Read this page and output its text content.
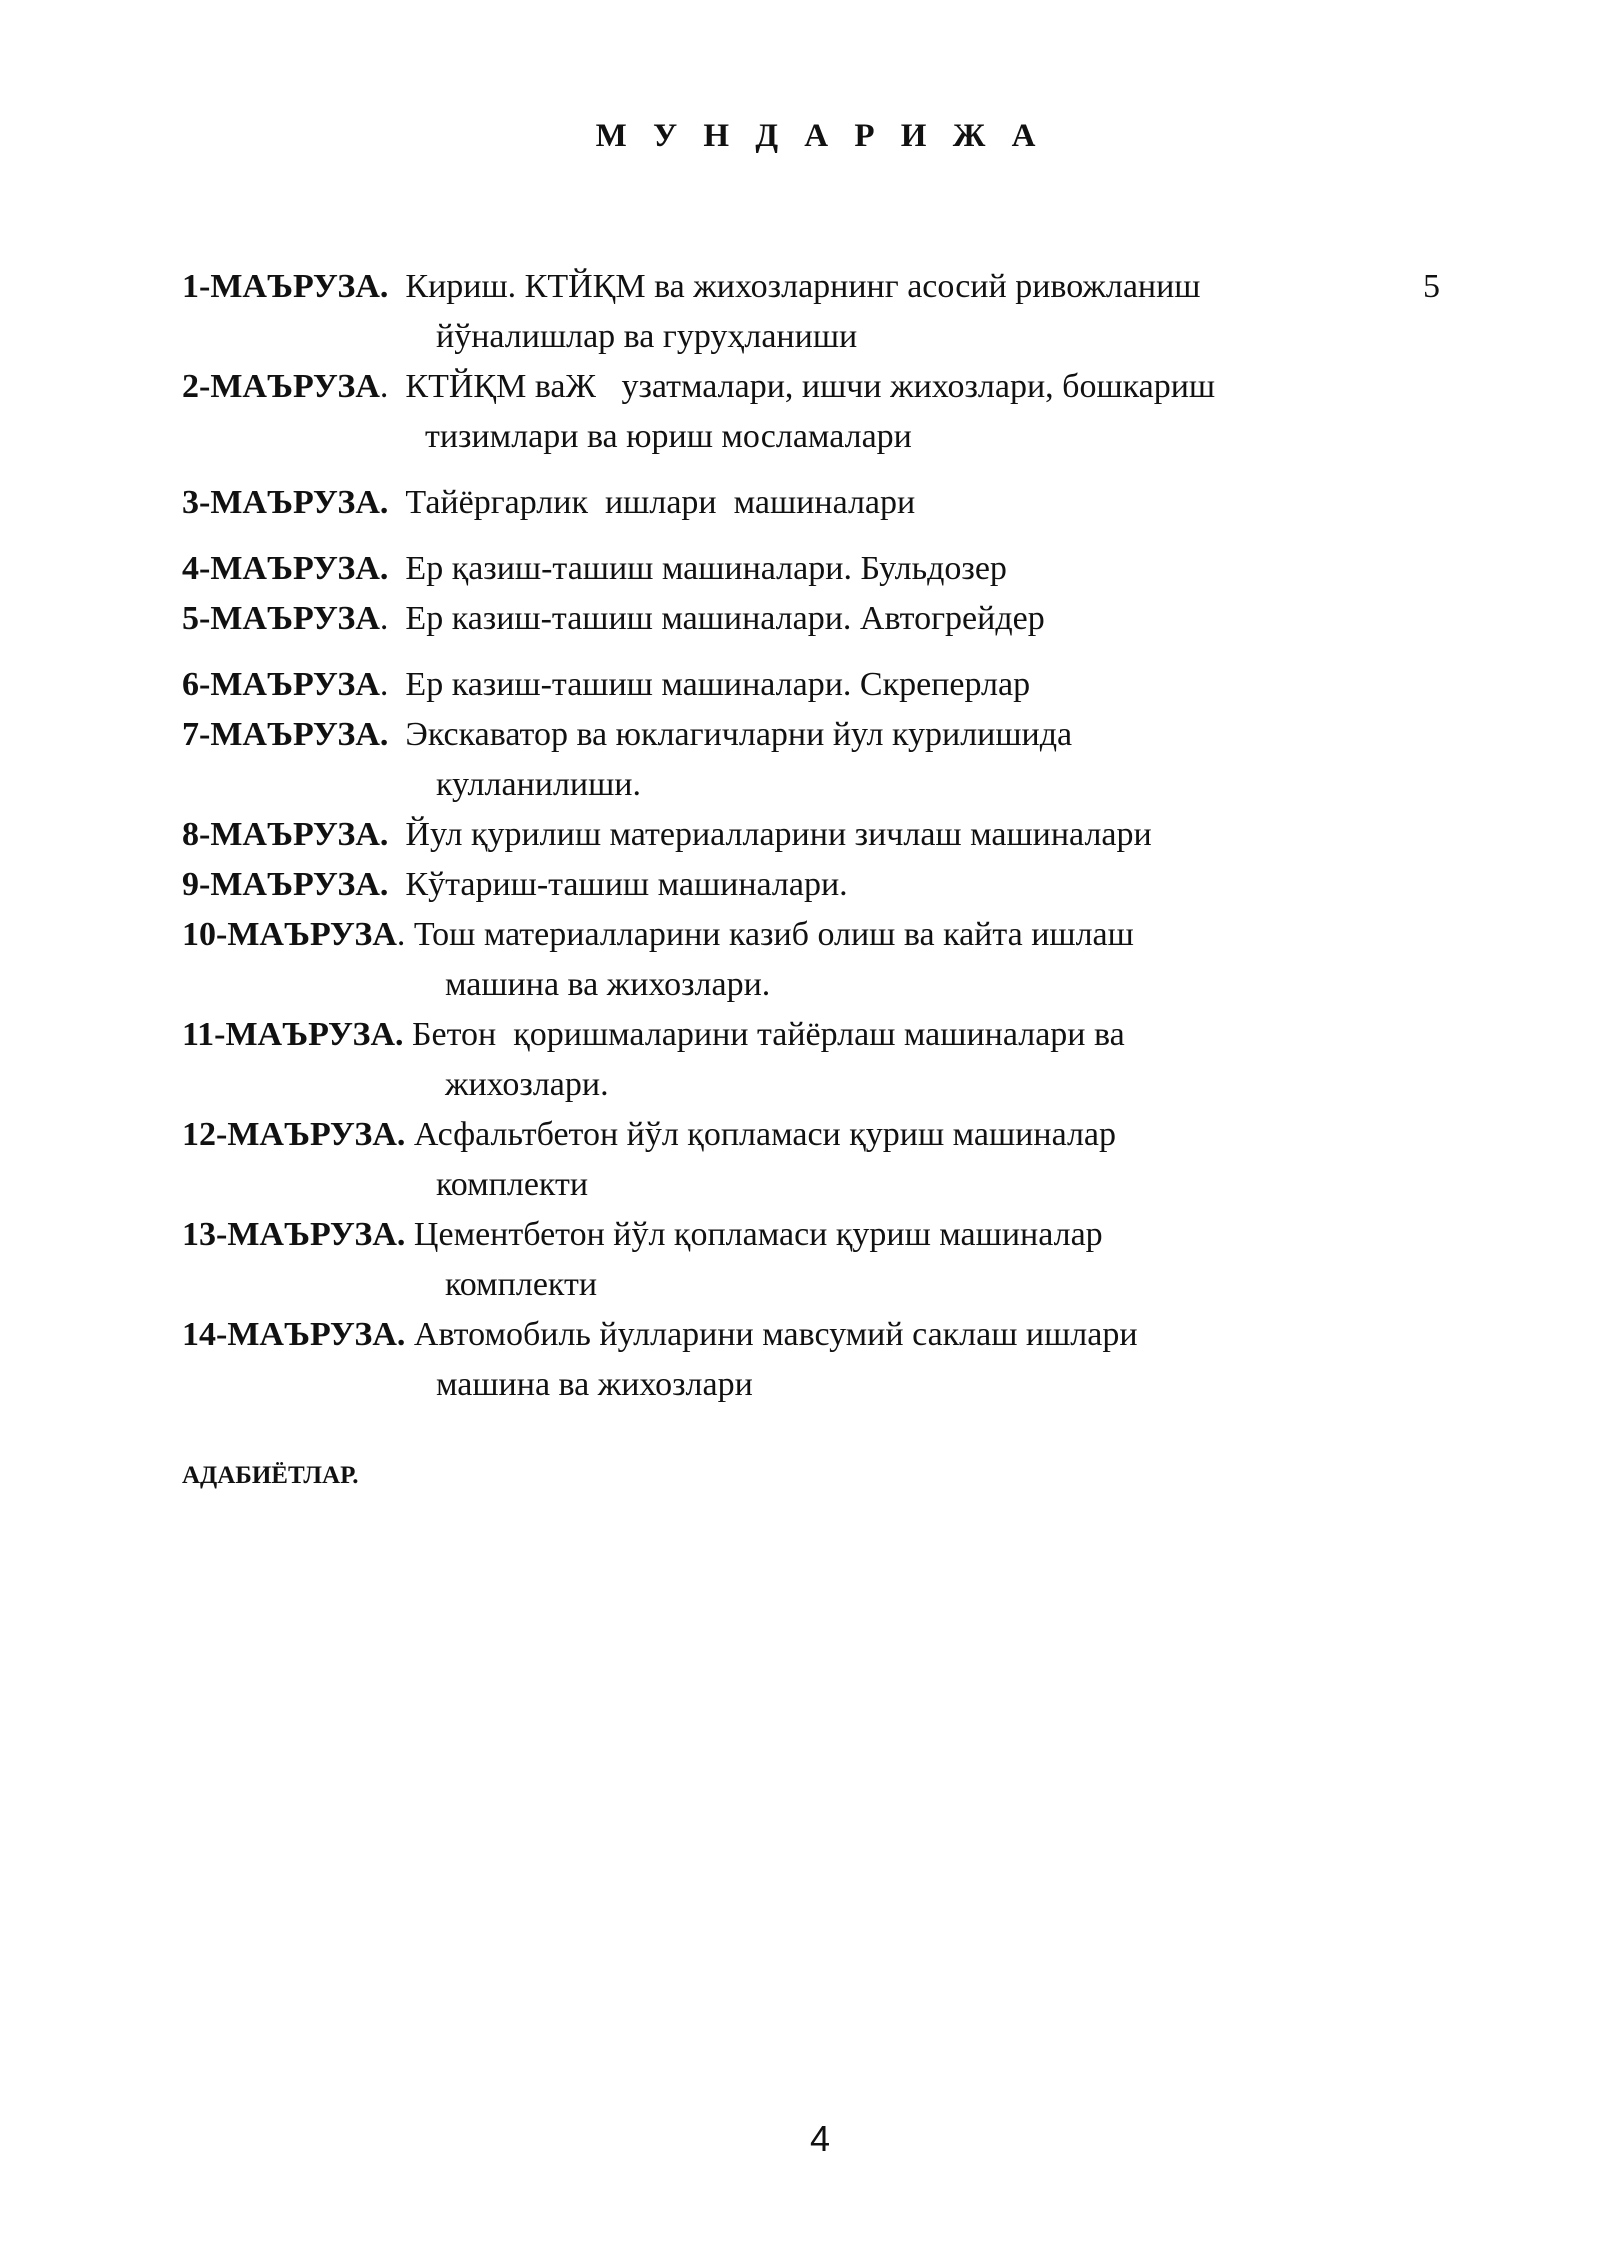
М У Н Д А Р И Ж А
1-МАЪРУЗА. Кириш. КТЙҚМ ва жихозларнинг асосий ривожланиш
йўналишлар ва гуруҳланиши
5
2-МАЪРУЗА.  КТЙҚМ ваЖ   узатмалари, ишчи жихозлари, бошкариш
тизимлари ва юриш мосламалари
3-МАЪРУЗА. Тайёргарлик  ишлари  машиналари
4-МАЪРУЗА. Ер қазиш-ташиш машиналари. Бульдозер
5-МАЪРУЗА.  Ер казиш-ташиш машиналари. Автогрейдер
6-МАЪРУЗА.  Ер казиш-ташиш машиналари. Скреперлар
7-МАЪРУЗА. Экскаватор ва юклагичларни йул курилишида
кулланилиши.
8-МАЪРУЗА. Йул қурилиш материалларини зичлаш машиналари
9-МАЪРУЗА. Кўтариш-ташиш машиналари.
10-МАЪРУЗА. Тош материалларини казиб олиш ва кайта ишлаш
машина ва жихозлари.
11-МАЪРУЗА. Бетон  қоришмаларини тайёрлаш машиналари ва
жихозлари.
12-МАЪРУЗА. Асфальтбетон йўл қопламаси қуриш машиналар
комплекти
13-МАЪРУЗА. Цементбетон йўл қопламаси қуриш машиналар
комплекти
14-МАЪРУЗА. Автомобиль йулларини мавсумий саклаш ишлари
машина ва жихозлари
АДАБИЁТЛАР.
4
